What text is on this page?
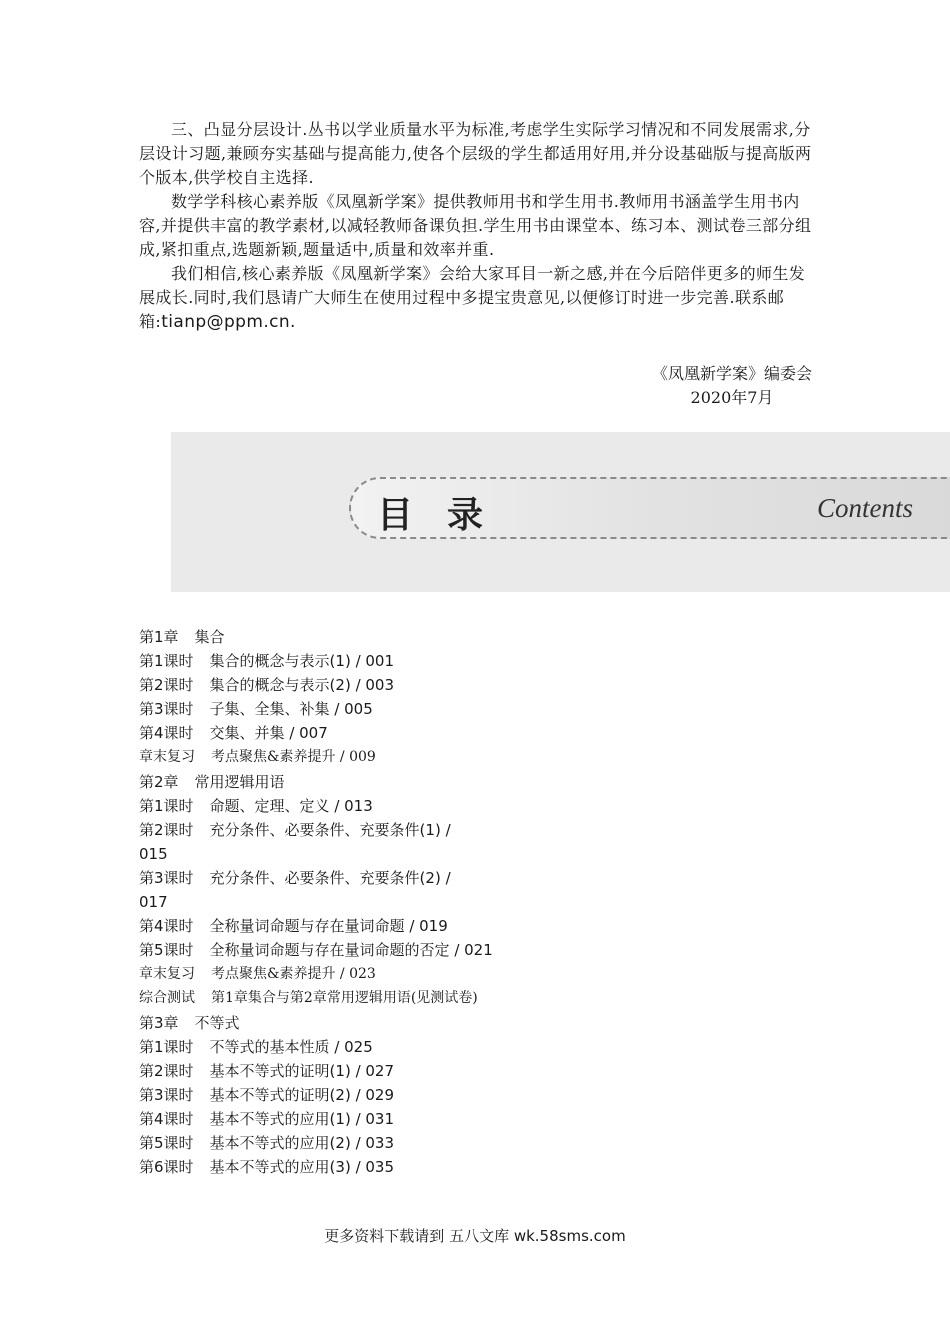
三、凸显分层设计.丛书以学业质量水平为标准,考虑学生实际学习情况和不同发展需求,分层设计习题,兼顾夯实基础与提高能力,使各个层级的学生都适用好用,并分设基础版与提高版两个版本,供学校自主选择.

数学学科核心素养版《凤凰新学案》提供教师用书和学生用书.教师用书涵盖学生用书内容,并提供丰富的教学素材,以减轻教师备课负担.学生用书由课堂本、练习本、测试卷三部分组成,紧扣重点,选题新颖,题量适中,质量和效率并重.

我们相信,核心素养版《凤凰新学案》会给大家耳目一新之感,并在今后陪伴更多的师生发展成长.同时,我们恳请广大师生在使用过程中多提宝贵意见,以便修订时进一步完善.联系邮箱:tianp@ppm.cn.

《凤凰新学案》编委会
2020年7月
目录	Contents
第1章 集合
第1课时 集合的概念与表示(1) / 001
第2课时 集合的概念与表示(2) / 003
第3课时 子集、全集、补集 / 005
第4课时 交集、并集 / 007
章末复习 考点聚焦&素养提升 / 009
第2章 常用逻辑用语
第1课时 命题、定理、定义 / 013
第2课时 充分条件、必要条件、充要条件(1) / 015
第3课时 充分条件、必要条件、充要条件(2) / 017
第4课时 全称量词命题与存在量词命题 / 019
第5课时 全称量词命题与存在量词命题的否定 / 021
章末复习 考点聚焦&素养提升 / 023
综合测试 第1章集合与第2章常用逻辑用语(见测试卷)
第3章 不等式
第1课时 不等式的基本性质 / 025
第2课时 基本不等式的证明(1) / 027
第3课时 基本不等式的证明(2) / 029
第4课时 基本不等式的应用(1) / 031
第5课时 基本不等式的应用(2) / 033
第6课时 基本不等式的应用(3) / 035
更多资料下载请到 五八文库 wk.58sms.com
